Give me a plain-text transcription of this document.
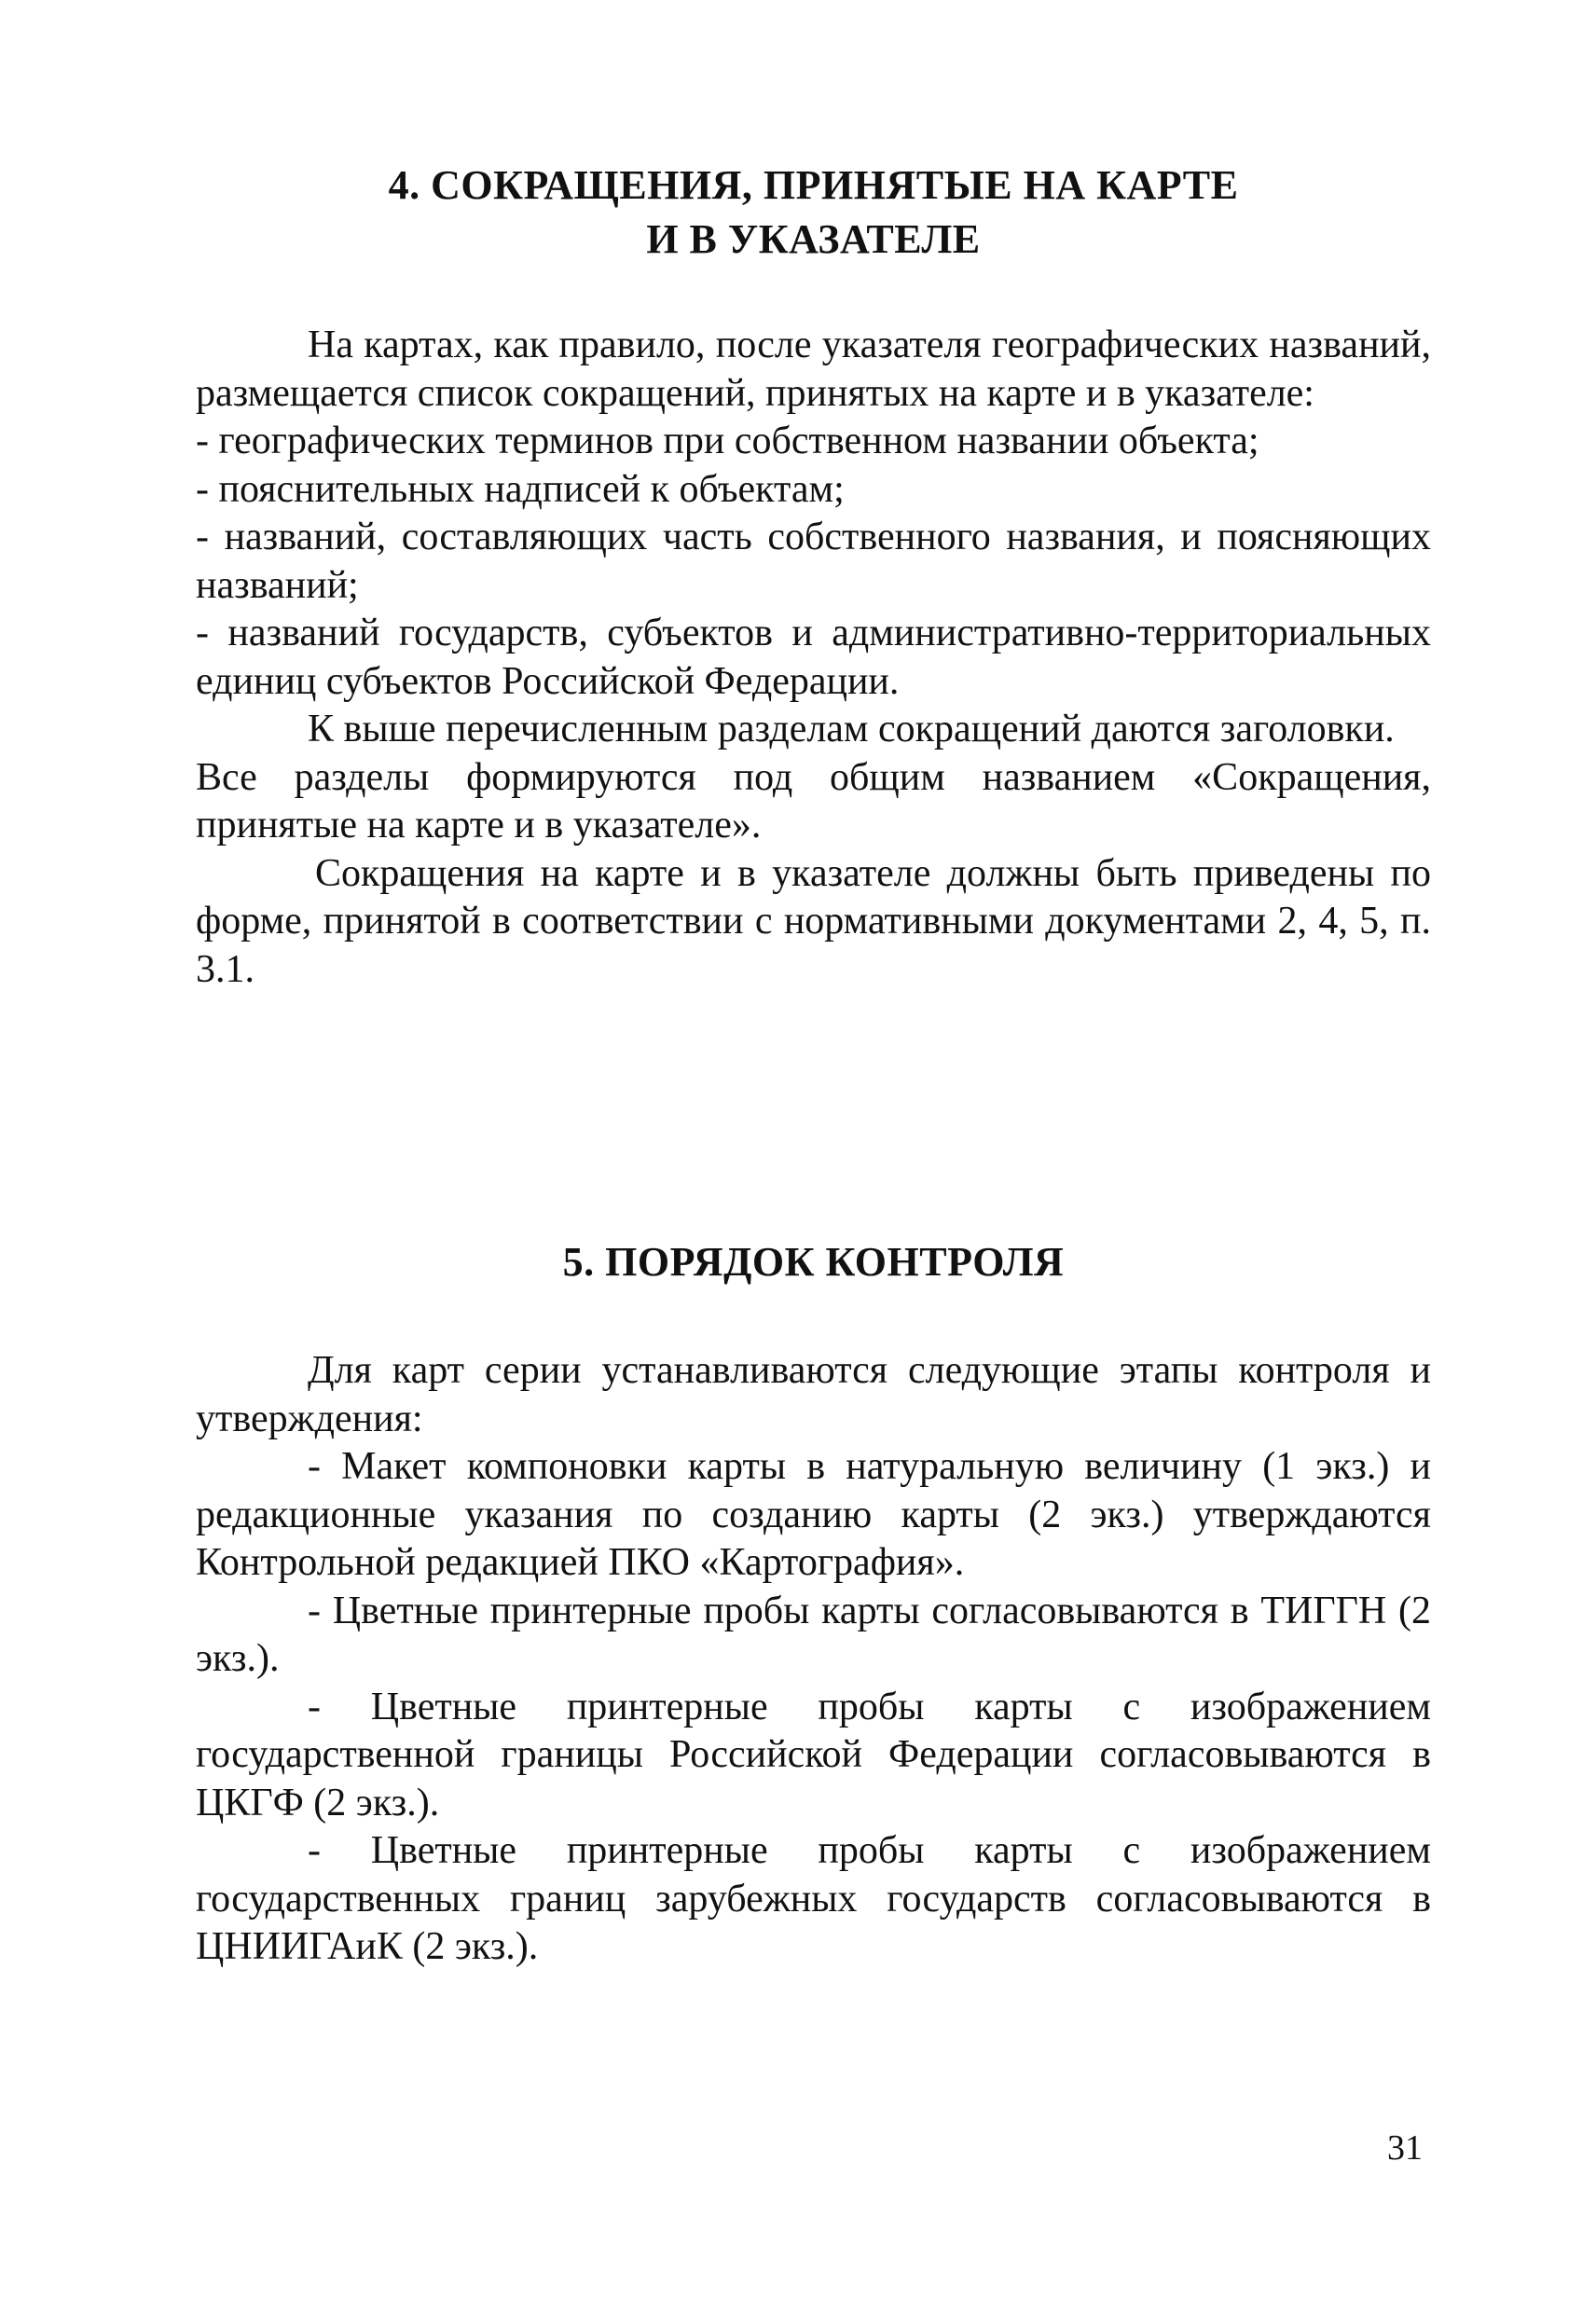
4. СОКРАЩЕНИЯ, ПРИНЯТЫЕ НА КАРТЕ
И В УКАЗАТЕЛЕ

На картах, как правило, после указателя географических названий, размещается список сокращений, принятых на карте и в указателе:

- географических терминов при собственном названии объекта;

- пояснительных надписей к объектам;

- названий, составляющих часть собственного названия, и поясняющих названий;

- названий государств, субъектов и административно-территориальных единиц субъектов Российской Федерации.

К выше перечисленным разделам сокращений даются заголовки.

Все разделы формируются под общим названием «Сокращения, принятые на карте и в указателе».

Сокращения на карте и в указателе должны быть приведены по форме, принятой в соответствии с нормативными документами 2, 4, 5, п. 3.1.

5. ПОРЯДОК КОНТРОЛЯ

Для карт серии устанавливаются следующие этапы контроля и утверждения:

- Макет компоновки карты в натуральную величину (1 экз.) и редакционные указания по созданию карты (2 экз.) утверждаются Контрольной редакцией ПКО «Картография».

- Цветные принтерные пробы карты согласовываются в ТИГГН (2 экз.).

- Цветные принтерные пробы карты с изображением государственной границы Российской Федерации согласовываются в ЦКГФ (2 экз.).

- Цветные принтерные пробы карты с изображением государственных границ зарубежных государств согласовываются в ЦНИИГАиК (2 экз.).

31
